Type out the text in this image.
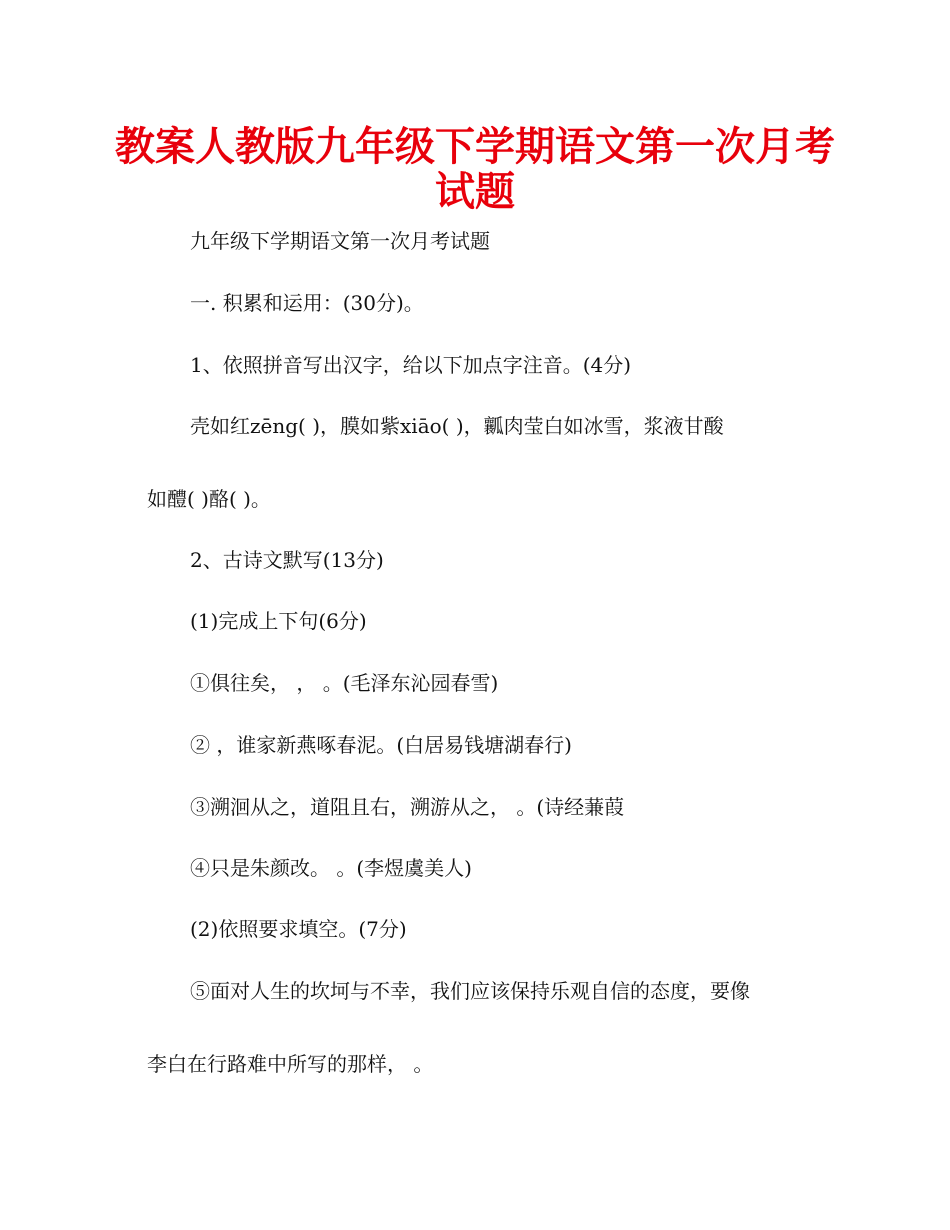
教案人教版九年级下学期语文第一次月考
试题
九年级下学期语文第一次月考试题
一. 积累和运用：(30分)。
1、依照拼音写出汉字，给以下加点字注音。(4分)
壳如红zēng( )，膜如紫xiāo( )，瓤肉莹白如冰雪，浆液甘酸
如醴( )酪( )。
2、古诗文默写(13分)
(1)完成上下句(6分)
①俱往矣， ， 。(毛泽东沁园春雪)
② ，谁家新燕啄春泥。(白居易钱塘湖春行)
③溯洄从之，道阻且右，溯游从之， 。(诗经蒹葭
④只是朱颜改。 。(李煜虞美人)
(2)依照要求填空。(7分)
⑤面对人生的坎坷与不幸，我们应该保持乐观自信的态度，要像
李白在行路难中所写的那样， 。
